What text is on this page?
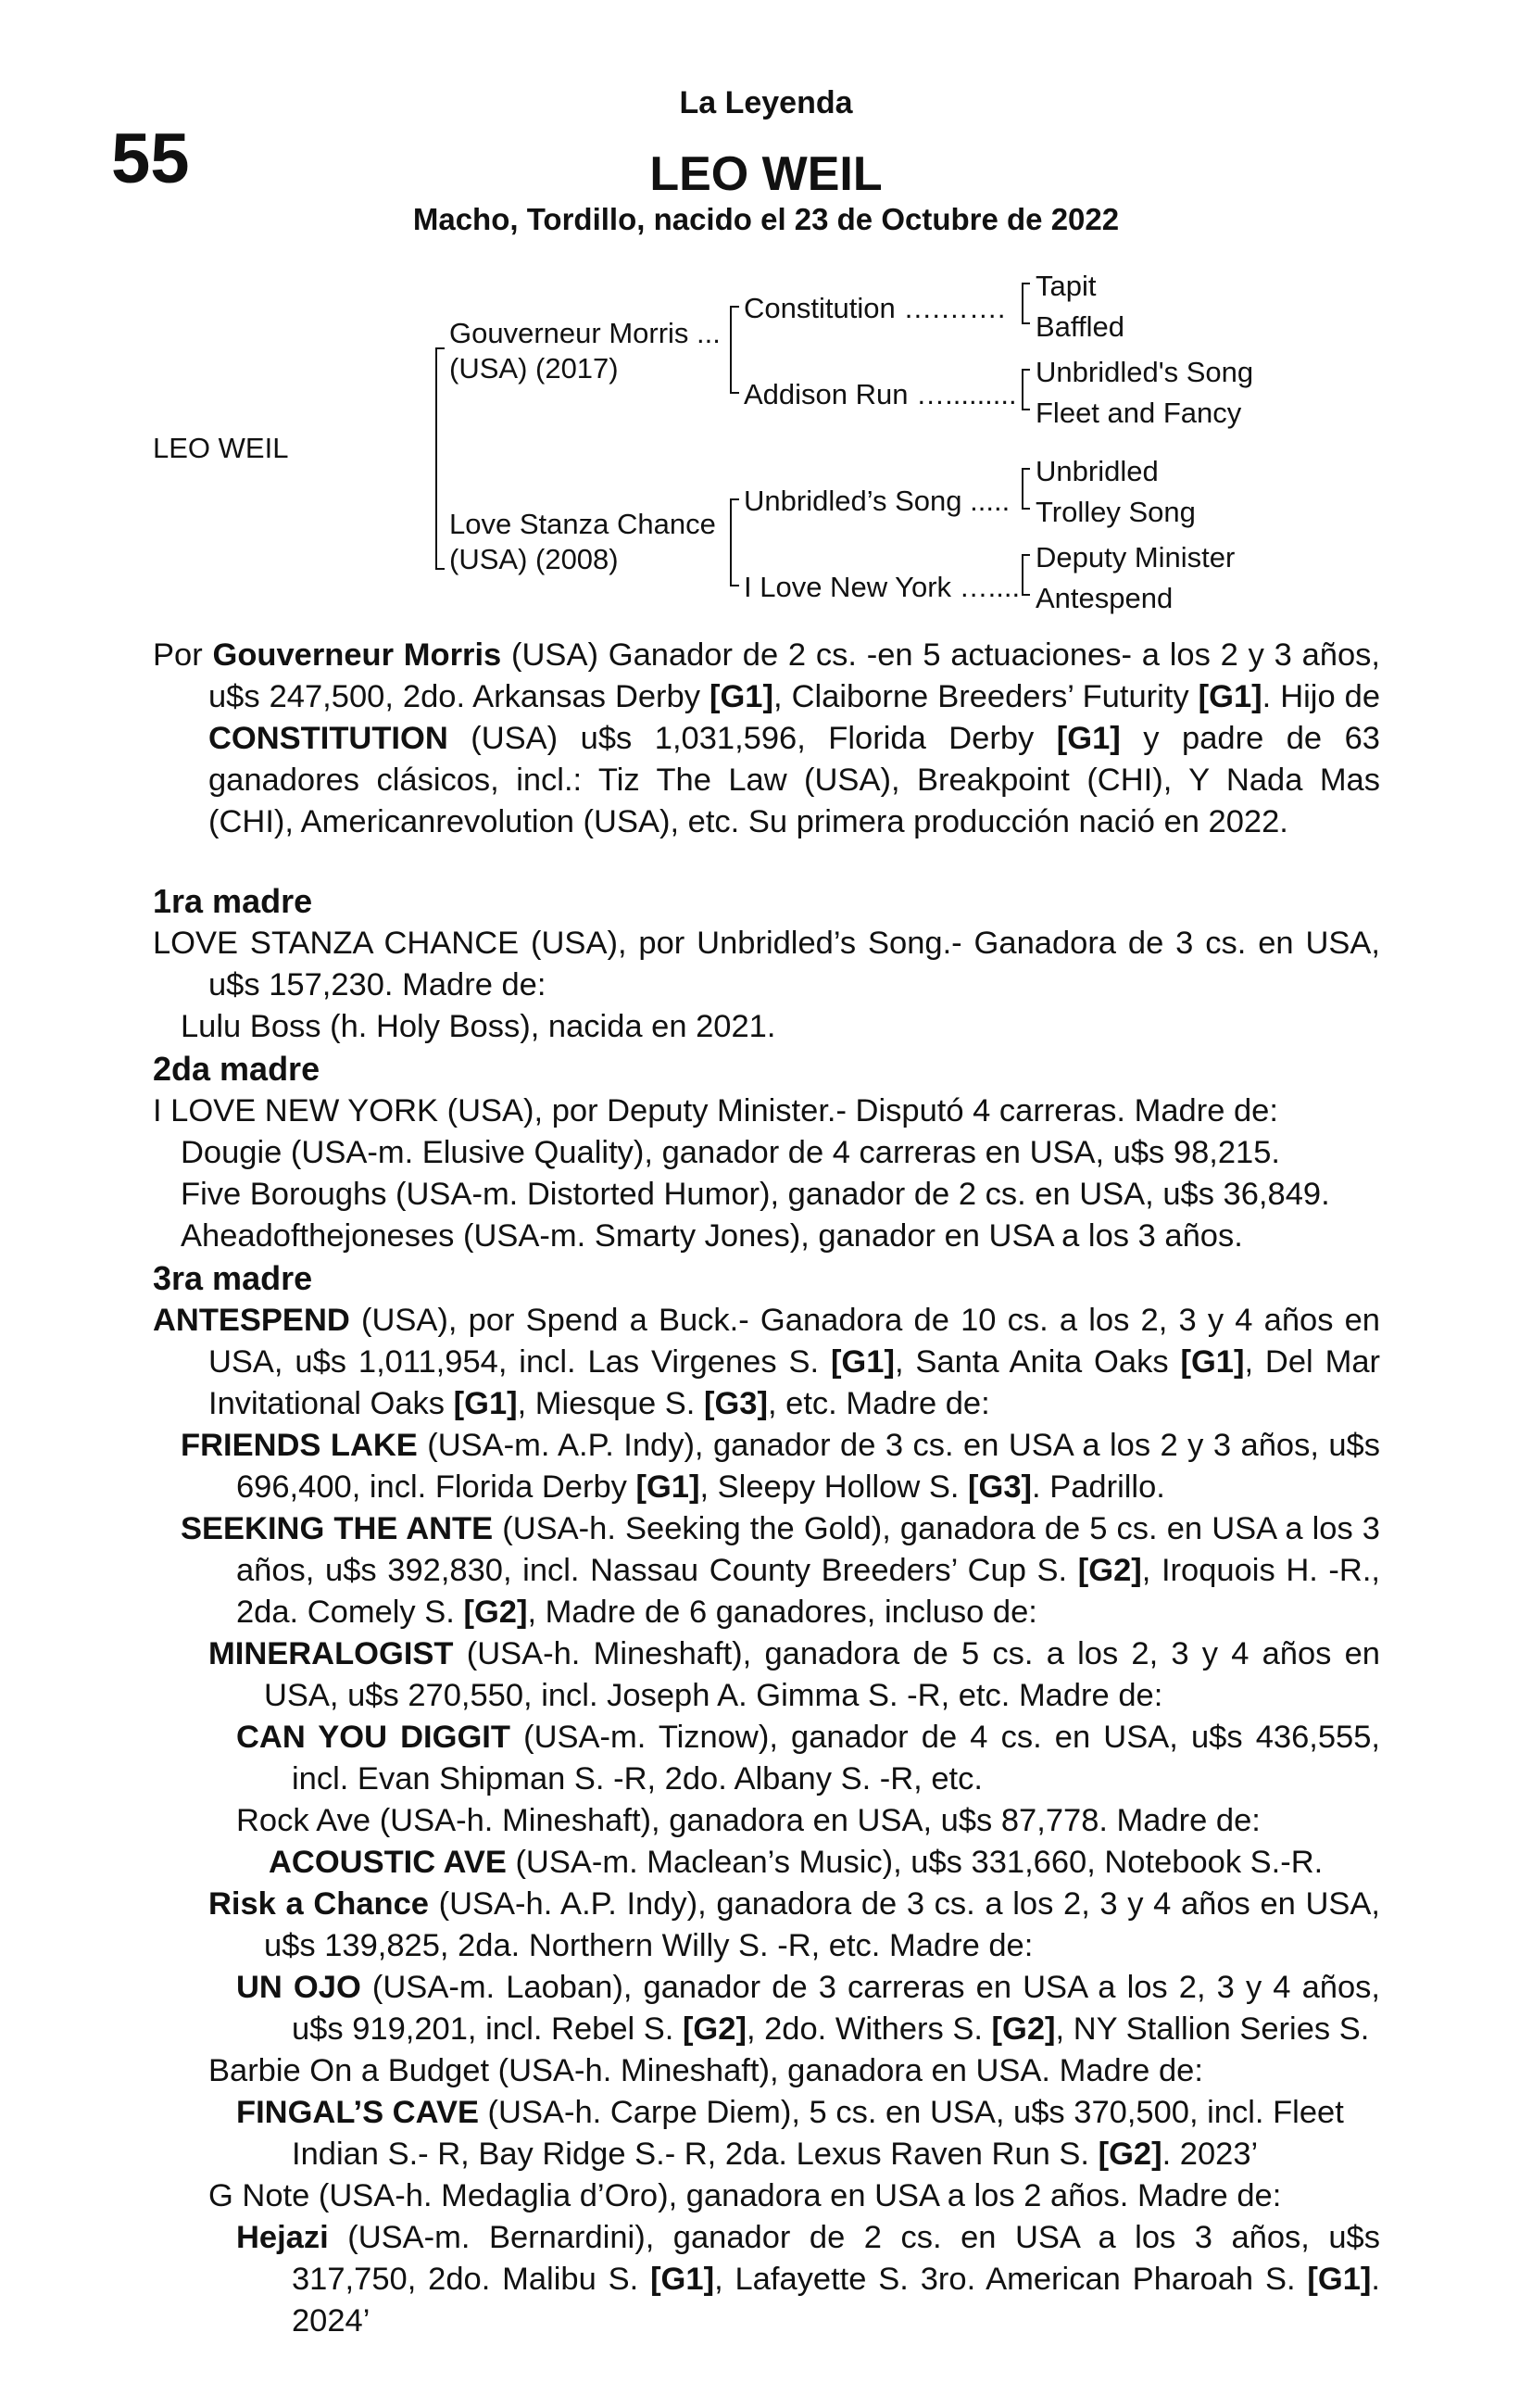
55
La Leyenda
LEO WEIL
Macho, Tordillo, nacido el 23 de Octubre de 2022
LEO WEIL
Gouverneur Morris ...
(USA) (2017)
Love Stanza Chance
(USA) (2008)
Constitution ….…….
Addison Run ….........
Unbridled’s Song .....
I Love New York …....
Tapit
Baffled
Unbridled's Song
Fleet and Fancy
Unbridled
Trolley Song
Deputy Minister
Antespend

Por Gouverneur Morris (USA) Ganador de 2 cs. -en 5 actuaciones- a los 2 y 3 años, u$s 247,500, 2do. Arkansas Derby [G1], Claiborne Breeders’ Futurity [G1]. Hijo de CONSTITUTION (USA) u$s 1,031,596, Florida Derby [G1] y padre de 63 ganadores clásicos, incl.: Tiz The Law (USA), Breakpoint (CHI), Y Nada Mas (CHI), Americanrevolution (USA), etc. Su primera producción nació en 2022.

1ra madre

LOVE STANZA CHANCE (USA), por Unbridled’s Song.- Ganadora de 3 cs. en USA, u$s 157,230. Madre de:

Lulu Boss (h. Holy Boss), nacida en 2021.

2da madre

I LOVE NEW YORK (USA), por Deputy Minister.- Disputó 4 carreras. Madre de:

Dougie (USA-m. Elusive Quality), ganador de 4 carreras en USA, u$s 98,215.

Five Boroughs (USA-m. Distorted Humor), ganador de 2 cs. en USA, u$s 36,849.

Aheadofthejoneses (USA-m. Smarty Jones), ganador en USA a los 3 años.

3ra madre

ANTESPEND (USA), por Spend a Buck.- Ganadora de 10 cs. a los 2, 3 y 4 años en USA, u$s 1,011,954, incl. Las Virgenes S. [G1], Santa Anita Oaks [G1], Del Mar Invitational Oaks [G1], Miesque S. [G3], etc. Madre de:

FRIENDS LAKE (USA-m. A.P. Indy), ganador de 3 cs. en USA a los 2 y 3 años, u$s 696,400, incl. Florida Derby [G1], Sleepy Hollow S. [G3]. Padrillo.

SEEKING THE ANTE (USA-h. Seeking the Gold), ganadora de 5 cs. en USA a los 3 años, u$s 392,830, incl. Nassau County Breeders’ Cup S. [G2], Iroquois H. -R., 2da. Comely S. [G2], Madre de 6 ganadores, incluso de:

MINERALOGIST (USA-h. Mineshaft), ganadora de 5 cs. a los 2, 3 y 4 años en USA, u$s 270,550, incl. Joseph A. Gimma S. -R, etc. Madre de:

CAN YOU DIGGIT (USA-m. Tiznow), ganador de 4 cs. en USA, u$s 436,555, incl. Evan Shipman S. -R, 2do. Albany S. -R, etc.

Rock Ave (USA-h. Mineshaft), ganadora en USA, u$s 87,778. Madre de:

ACOUSTIC AVE (USA-m. Maclean’s Music), u$s 331,660, Notebook S.-R.

Risk a Chance (USA-h. A.P. Indy), ganadora de 3 cs. a los 2, 3 y 4 años en USA, u$s 139,825, 2da. Northern Willy S. -R, etc. Madre de:

UN OJO (USA-m. Laoban), ganador de 3 carreras en USA a los 2, 3 y 4 años, u$s 919,201, incl. Rebel S. [G2], 2do. Withers S. [G2], NY Stallion Series S.

Barbie On a Budget (USA-h. Mineshaft), ganadora en USA. Madre de:

FINGAL’S CAVE (USA-h. Carpe Diem), 5 cs. en USA, u$s 370,500, incl. Fleet Indian S.- R, Bay Ridge S.- R, 2da. Lexus Raven Run S. [G2]. 2023’

G Note (USA-h. Medaglia d’Oro), ganadora en USA a los 2 años. Madre de:

Hejazi (USA-m. Bernardini), ganador de 2 cs. en USA a los 3 años, u$s 317,750, 2do. Malibu S. [G1], Lafayette S. 3ro. American Pharoah S. [G1]. 2024’
